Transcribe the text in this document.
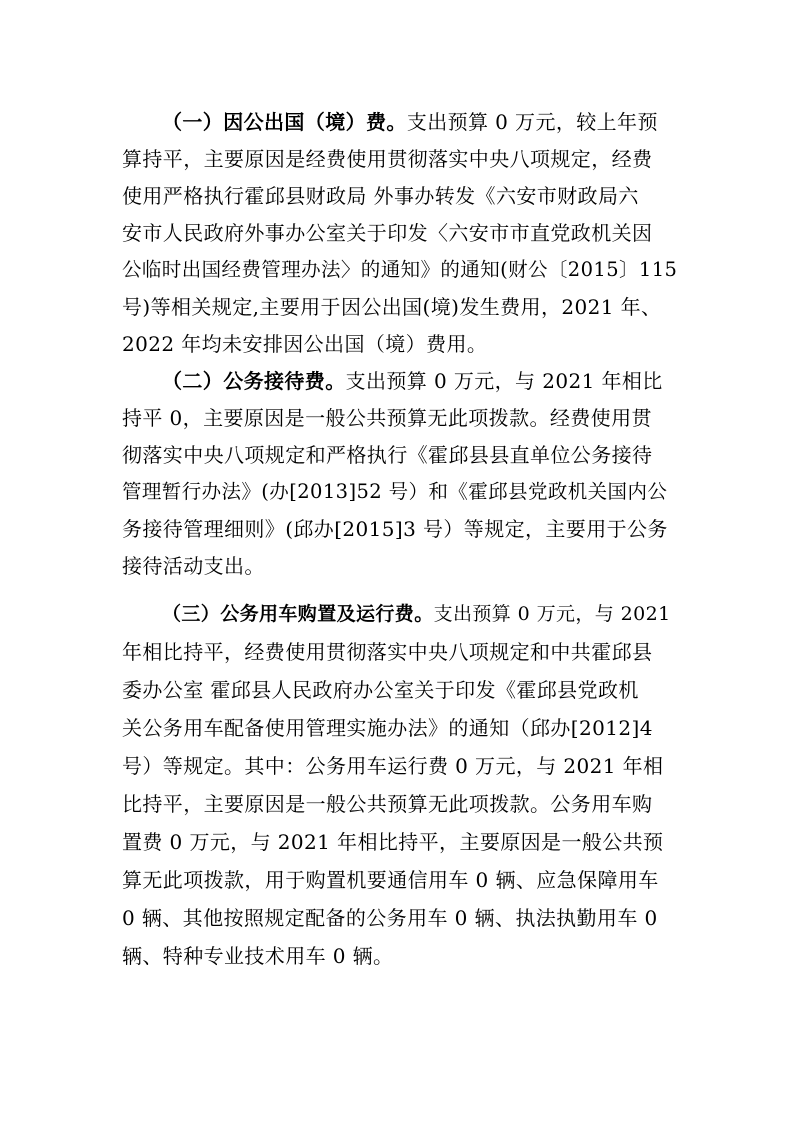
（一）因公出国（境）费。支出预算 0 万元，较上年预
算持平，主要原因是经费使用贯彻落实中央八项规定，经费
使用严格执行霍邱县财政局 外事办转发《六安市财政局六
安市人民政府外事办公室关于印发〈六安市市直党政机关因
公临时出国经费管理办法〉的通知》的通知(财公〔2015〕115
号)等相关规定,主要用于因公出国(境)发生费用，2021 年、
2022 年均未安排因公出国（境）费用。
（二）公务接待费。支出预算 0 万元，与 2021 年相比
持平 0，主要原因是一般公共预算无此项拨款。经费使用贯
彻落实中央八项规定和严格执行《霍邱县县直单位公务接待
管理暂行办法》(办[2013]52 号）和《霍邱县党政机关国内公
务接待管理细则》(邱办[2015]3 号）等规定，主要用于公务
接待活动支出。
（三）公务用车购置及运行费。支出预算 0 万元，与 2021
年相比持平，经费使用贯彻落实中央八项规定和中共霍邱县
委办公室 霍邱县人民政府办公室关于印发《霍邱县党政机
关公务用车配备使用管理实施办法》的通知（邱办[2012]4
号）等规定。其中：公务用车运行费 0 万元，与 2021 年相
比持平，主要原因是一般公共预算无此项拨款。公务用车购
置费 0 万元，与 2021 年相比持平，主要原因是一般公共预
算无此项拨款，用于购置机要通信用车 0 辆、应急保障用车
0 辆、其他按照规定配备的公务用车 0 辆、执法执勤用车 0
辆、特种专业技术用车 0 辆。
